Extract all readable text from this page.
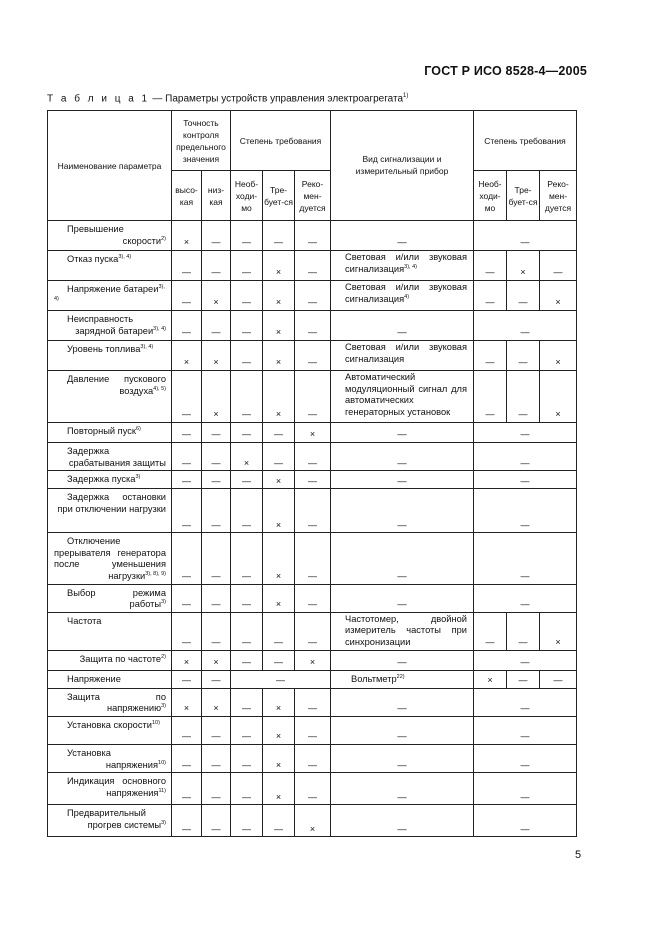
ГОСТ Р ИСО 8528-4—2005
Т а б л и ц а 1 — Параметры устройств управления электроагрегата$^{1)}$
Наименование параметра	Точность контроля предельного значения		Степень требования			Вид сигнализации и измерительный прибор	Степень требования		
	высо-кая	низ-кая	Необ-ходи-мо	Тре-бует-ся	Реко-мен-дуется		Необ-ходи-мо	Тре-бует-ся	Реко-мен-дуется
Превышение скорости$^{2)}$	×	—	—	—	—	—	—		
Отказ пуска$^{3), 4)}$	—	—	—	×	—	Световая и/или звуковая сигнализация$^{3), 4)}$	—	×	—
Напряжение батареи$^{3), 4)}$	—	×	—	×	—	Световая и/или звуковая сигнализация$^{4)}$	—	—	×
Неисправность зарядной батареи$^{3), 4)}$	—	—	—	×	—	—	—		
Уровень топлива$^{3), 4)}$	×	×	—	×	—	Световая и/или звуковая сигнализация	—	—	×
Давление пускового воздуха$^{4), 5)}$	—	×	—	×	—	Автоматический модуляционный сигнал для автоматических генераторных установок	—	—	×
Повторный пуск$^{6)}$	—	—	—	—	×	—	—		
Задержка срабатывания защиты	—	—	×	—	—	—	—		
Задержка пуска$^{3)}$	—	—	—	×	—	—	—		
Задержка остановки при отключении нагрузки	—	—	—	×	—	—	—		
Отключение прерывателя генератора после уменьшения нагрузки$^{3), 8), 9)}$	—	—	—	×	—	—	—		
Выбор режима работы$^{3)}$	—	—	—	×	—	—	—		
Частота	—	—	—	—	—	Частотомер, двойной измеритель частоты при синхронизации	—	—	×
Защита по частоте$^{2)}$	×	×	—	—	×	—	—		
Напряжение	—	—	—			Вольтметр$^{22)}$	×	—	—
Защита по напряжению$^{3)}$	×	×	—	×	—	—	—		
Установка скорости$^{10)}$	—	—	—	×	—	—	—		
Установка напряжения$^{10)}$	—	—	—	×	—	—	—		
Индикация основного напряжения$^{11)}$	—	—	—	×	—	—	—		
Предварительный прогрев системы$^{3)}$	—	—	—	—	×	—	—		
5
